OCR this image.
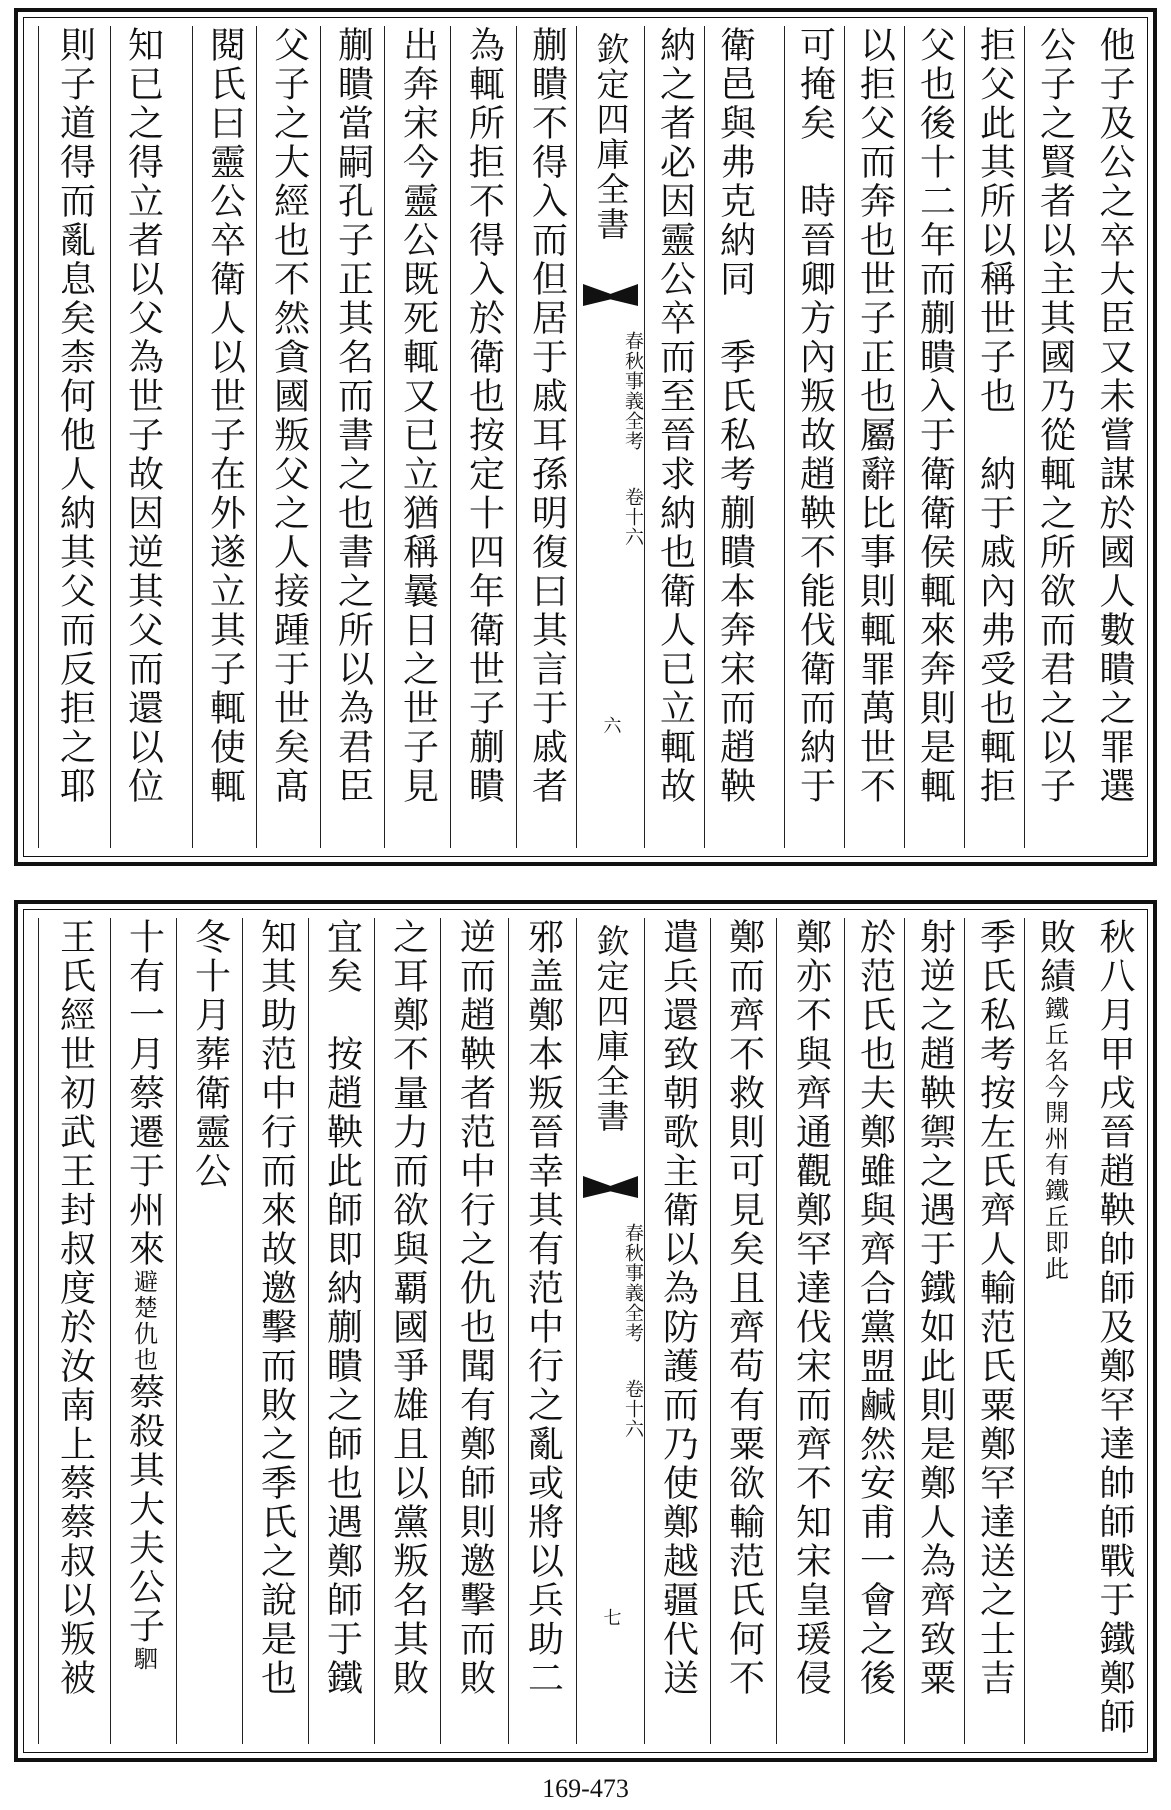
他子及公之卒大臣又未嘗謀於國人數瞶之罪選
公子之賢者以主其國乃從輒之所欲而君之以子
拒父此其所以稱世子也　納于戚內弗受也輒拒
父也後十二年而蒯瞶入于衛衛侯輒來奔則是輒
以拒父而奔也世子正也屬辭比事則輒罪萬世不
可掩矣　時晉卿方內叛故趙鞅不能伐衛而納于
衛邑與弗克納同　季氏私考蒯瞶本奔宋而趙鞅
納之者必因靈公卒而至晉求納也衛人已立輒故
欽定四庫全書
春秋事義全考
卷十六
六
蒯瞶不得入而但居于戚耳孫明復曰其言于戚者
為輒所拒不得入於衛也按定十四年衛世子蒯瞶
出奔宋今靈公既死輒又已立猶稱曩日之世子見
蒯瞶當嗣孔子正其名而書之也書之所以為君臣
父子之大經也不然貪國叛父之人接踵于世矣髙
閱氏曰靈公卒衛人以世子在外遂立其子輒使輒
知已之得立者以父為世子故因逆其父而還以位
則子道得而亂息矣柰何他人納其父而反拒之耶
秋八月甲戌晉趙鞅帥師及鄭罕達帥師戰于鐵鄭師
敗績
鐵丘名今開州
有鐵丘即此
季氏私考按左氏齊人輸范氏粟鄭罕達送之士吉
射逆之趙鞅禦之遇于鐵如此則是鄭人為齊致粟
於范氏也夫鄭雖與齊合黨盟鹹然安甫一會之後
鄭亦不與齊通觀鄭罕達伐宋而齊不知宋皇瑗侵
鄭而齊不救則可見矣且齊苟有粟欲輸范氏何不
遣兵還致朝歌主衛以為防護而乃使鄭越疆代送
欽定四庫全書
春秋事義全考
卷十六
七
邪盖鄭本叛晉幸其有范中行之亂或將以兵助二
逆而趙鞅者范中行之仇也聞有鄭師則邀擊而敗
之耳鄭不量力而欲與覇國爭雄且以黨叛名其敗
宜矣　按趙鞅此師即納蒯瞶之師也遇鄭師于鐵
知其助范中行而來故邀擊而敗之季氏之說是也
冬十月葬衛靈公
十有一月蔡遷于州來
避楚
仇也
蔡殺其大夫公子
駟
王氏經世初武王封叔度於汝南上蔡蔡叔以叛被
169-473
